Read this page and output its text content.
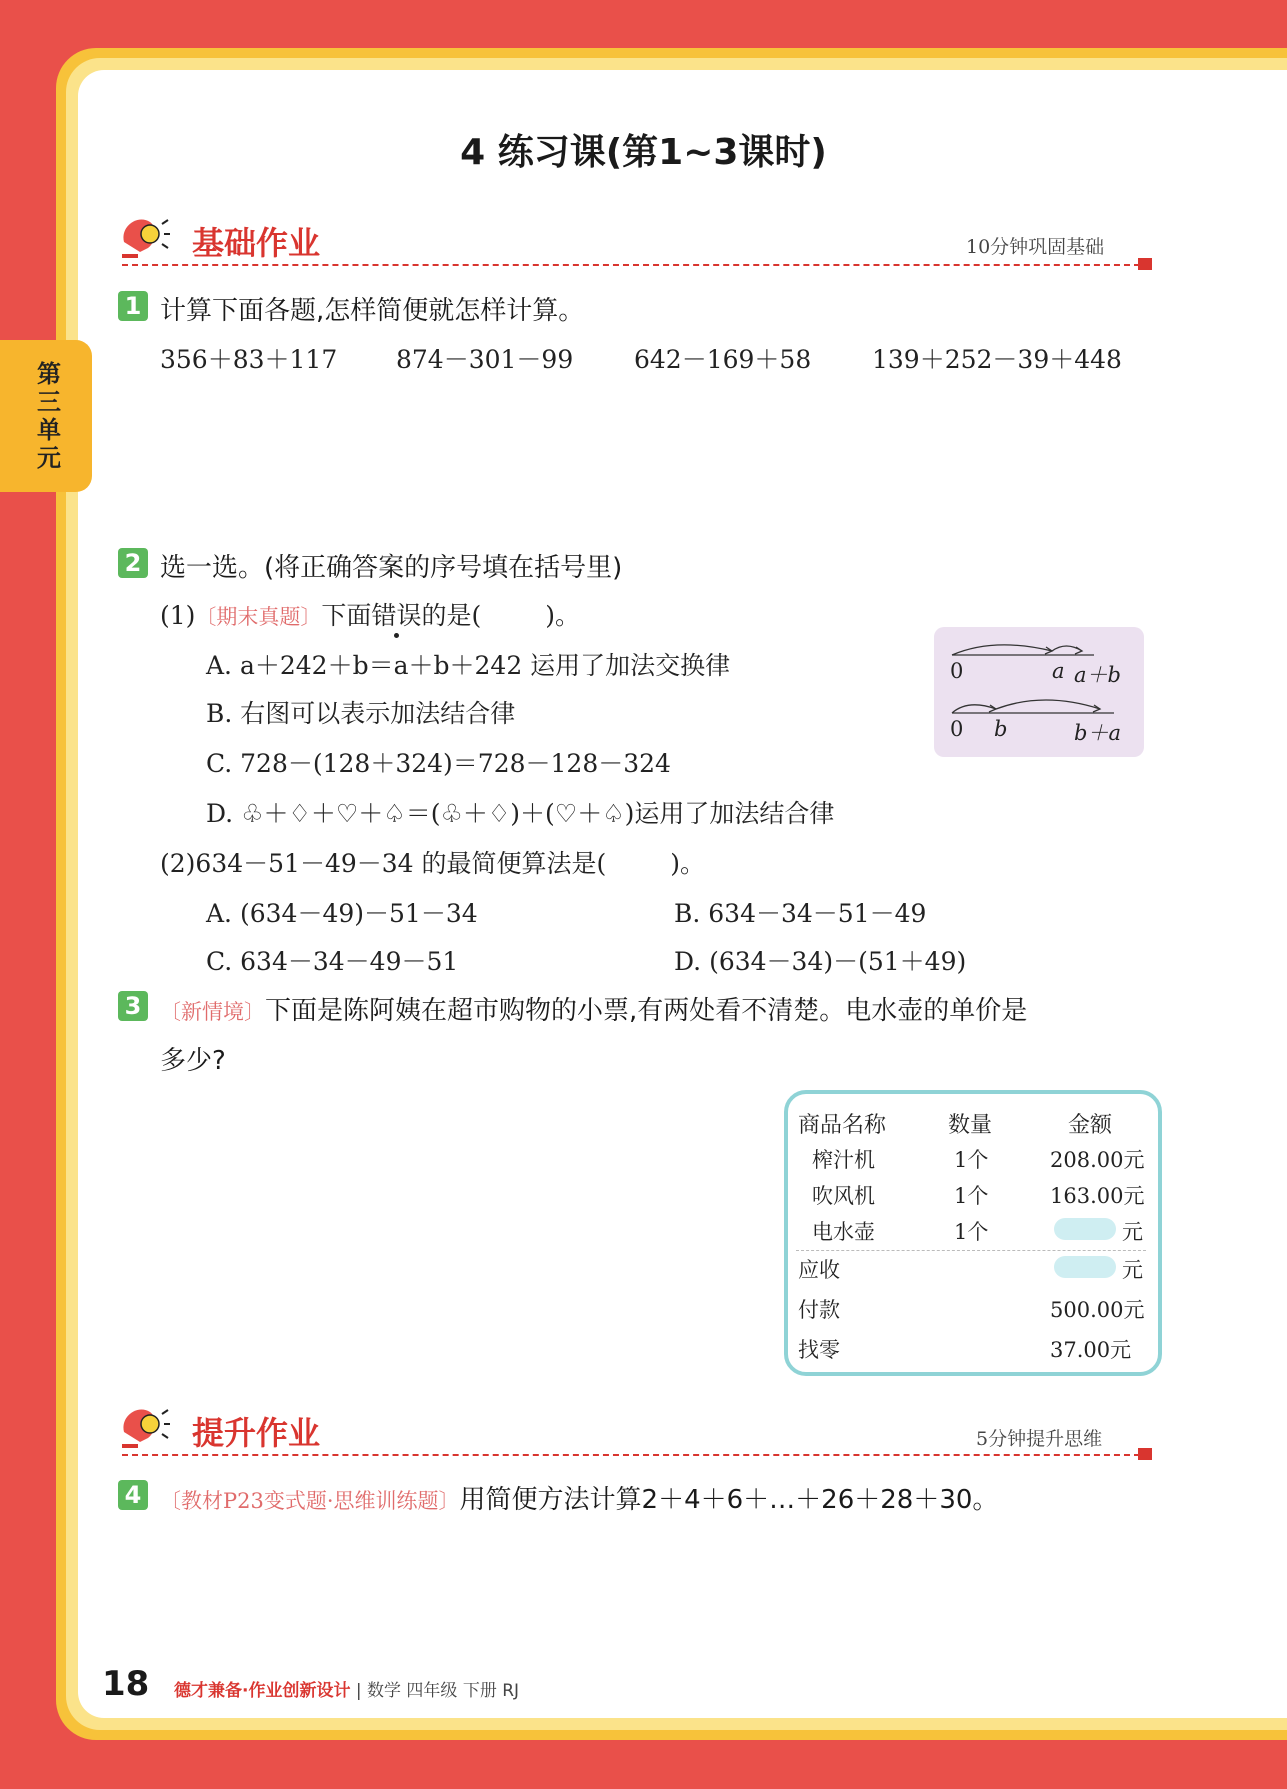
第三单元
4 练习课(第1~3课时)
基础作业	10分钟巩固基础
1 计算下面各题,怎样简便就怎样计算。
356＋83＋117 874－301－99 642－169＋58 139＋252－39＋448
2 选一选。(将正确答案的序号填在括号里)
(1)〔期末真题〕下面错误的是(	)。
A. a＋242＋b＝a＋b＋242 运用了加法交换律
B. 右图可以表示加法结合律
C. 728－(128＋324)＝728－128－324
D. ♧＋♢＋♡＋♤＝(♧＋♢)＋(♡＋♤)运用了加法结合律
0	a a＋b
0 b	b＋a
(2)634－51－49－34 的最简便算法是(	)。
A. (634－49)－51－34	B. 634－34－51－49
C. 634－34－49－51	D. (634－34)－(51＋49)
3 〔新情境〕下面是陈阿姨在超市购物的小票,有两处看不清楚。电水壶的单价是
多少?
商品名称	数量	金额
榨汁机	1个	208.00元
吹风机	1个	163.00元
电水壶	1个	元
应收	元
付款	500.00元
找零	37.00元
提升作业	5分钟提升思维
4 〔教材P23变式题·思维训练题〕用简便方法计算2＋4＋6＋…＋26＋28＋30。
18 德才兼备·作业创新设计 | 数学 四年级 下册 RJ
